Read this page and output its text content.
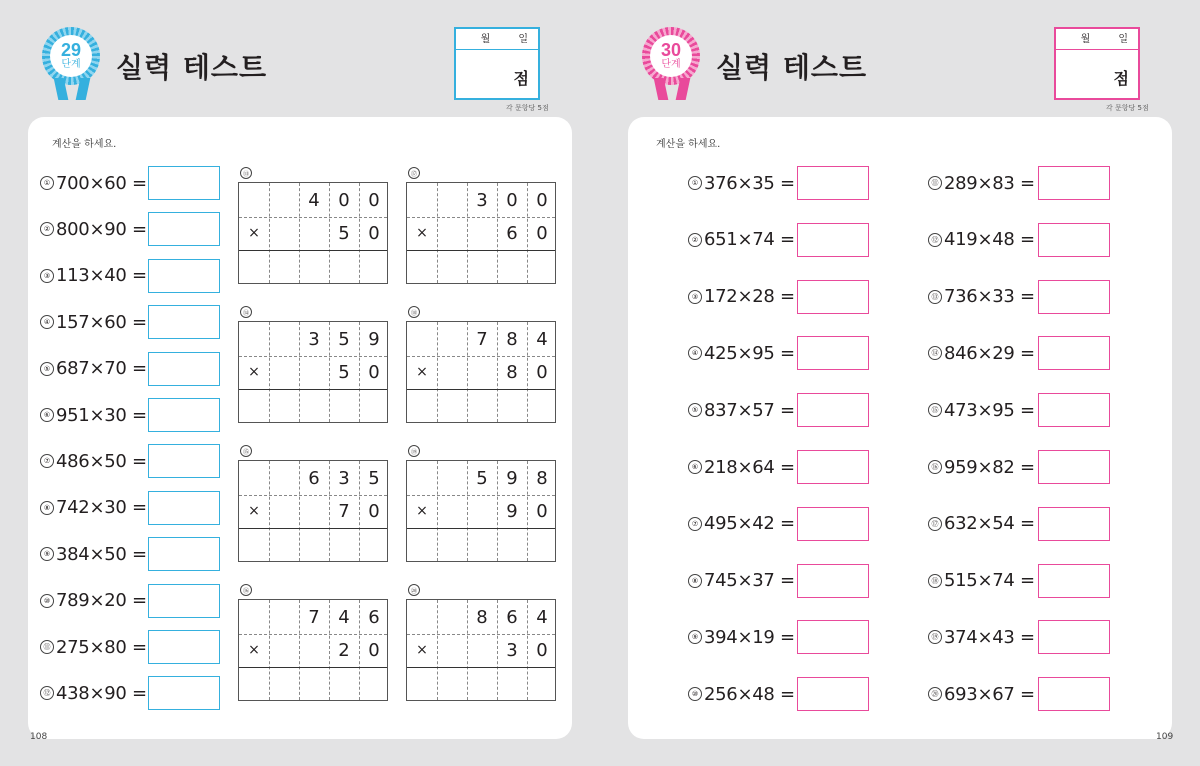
29
단계 실력 테스트
월	일
점
각 문항당 5점
계산을 하세요.
① 700×60 =
② 800×90 =
③ 113×40 =
④ 157×60 =
⑤ 687×70 =
⑥ 951×30 =
⑦ 486×50 =
⑧ 742×30 =
⑨ 384×50 =
⑩ 789×20 =
⑪ 275×80 =
⑫ 438×90 =
⑬
4	0	0
×	5	0
⑰
3	0	0
×	6	0
⑭
3	5	9
×	5	0
⑱
7	8	4
×	8	0
⑮
6	3	5
×	7	0
⑲
5	9	8
×	9	0
⑯
7	4	6
×	2	0
⑳
8	6	4
×	3	0
108
30
단계 실력 테스트
월	일
점
각 문항당 5점
계산을 하세요.
① 376×35 =
② 651×74 =
③ 172×28 =
④ 425×95 =
⑤ 837×57 =
⑥ 218×64 =
⑦ 495×42 =
⑧ 745×37 =
⑨ 394×19 =
⑩ 256×48 =
⑪ 289×83 =
⑫ 419×48 =
⑬ 736×33 =
⑭ 846×29 =
⑮ 473×95 =
⑯ 959×82 =
⑰ 632×54 =
⑱ 515×74 =
⑲ 374×43 =
⑳ 693×67 =
109
